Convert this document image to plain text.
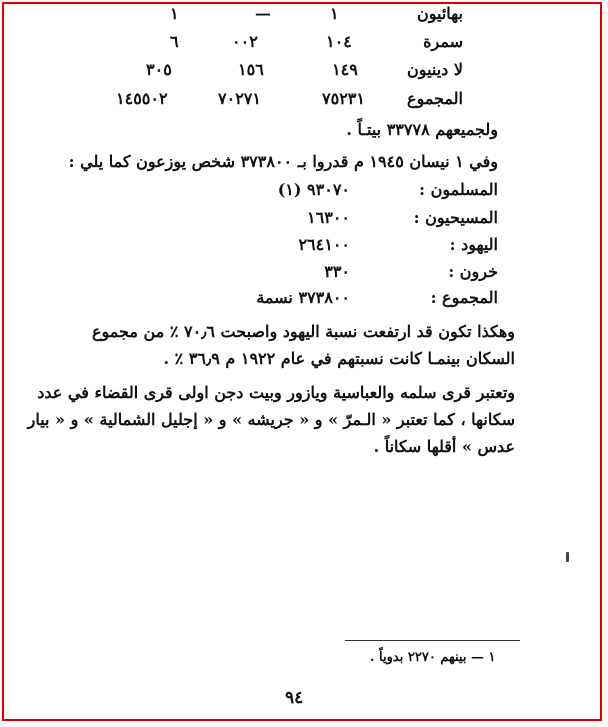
بهائيون
١
—
١
سمرة
١٠٤
٠٠٢
٦
لا دينيون
١٤٩
١٥٦
٣٠٥
المجموع
٧٥٢٣١
٧٠٢٧١
١٤٥٥٠٢
ولجميعهم ٣٣٧٧٨ بيتـاً .
وفي ١ نيسان ١٩٤٥ م قدروا بـ ٣٧٣٨٠٠ شخص يوزعون كما يلي :
المسلمون :
٩٣٠٧٠ (١)
المسيحيون :
١٦٣٠٠
اليهود :
٢٦٤١٠٠
خرون :
٣٣٠
المجموع :
٣٧٣٨٠٠ نسمة
وهكذا تكون قد ارتفعت نسبة اليهود واصبحت ٧٠٫٦ ٪ من مجموع
السكان بينمـا كانت نسبتهم في عام ١٩٢٢ م ٣٦٫٩ ٪ .
وتعتبر قرى سلمه والعباسية ويازور وبيت دجن اولى قرى القضاء في عدد
سكانها ، كما تعتبر « الـمرّ » و « جريشه » و « إجليل الشمالية » و « بيار
عدس » أقلها سكاناً .
١ — بينهم ٢٢٧٠ بدوياً .
٩٤
